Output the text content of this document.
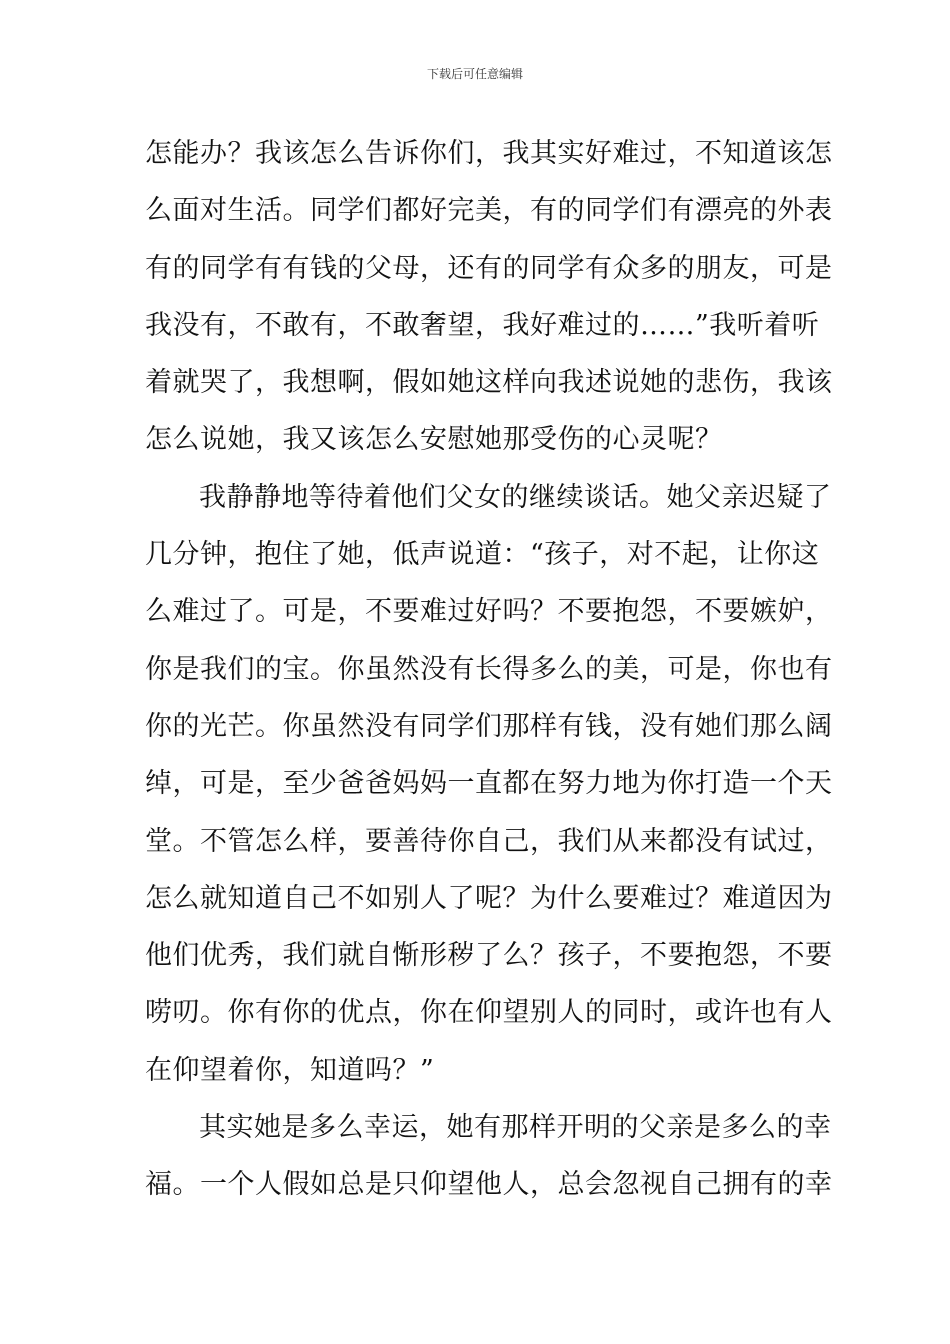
下载后可任意编辑
怎能办？我该怎么告诉你们，我其实好难过，不知道该怎
么面对生活。同学们都好完美，有的同学们有漂亮的外表
有的同学有有钱的父母，还有的同学有众多的朋友，可是
我没有，不敢有，不敢奢望，我好难过的……”我听着听
着就哭了，我想啊，假如她这样向我述说她的悲伤，我该
怎么说她，我又该怎么安慰她那受伤的心灵呢？
我静静地等待着他们父女的继续谈话。她父亲迟疑了
几分钟，抱住了她，低声说道：“孩子，对不起，让你这
么难过了。可是，不要难过好吗？不要抱怨，不要嫉妒，
你是我们的宝。你虽然没有长得多么的美，可是，你也有
你的光芒。你虽然没有同学们那样有钱，没有她们那么阔
绰，可是，至少爸爸妈妈一直都在努力地为你打造一个天
堂。不管怎么样，要善待你自己，我们从来都没有试过，
怎么就知道自己不如别人了呢？为什么要难过？难道因为
他们优秀，我们就自惭形秽了么？孩子，不要抱怨，不要
唠叨。你有你的优点，你在仰望别人的同时，或许也有人
在仰望着你，知道吗？”
其实她是多么幸运，她有那样开明的父亲是多么的幸
福。一个人假如总是只仰望他人，总会忽视自己拥有的幸
